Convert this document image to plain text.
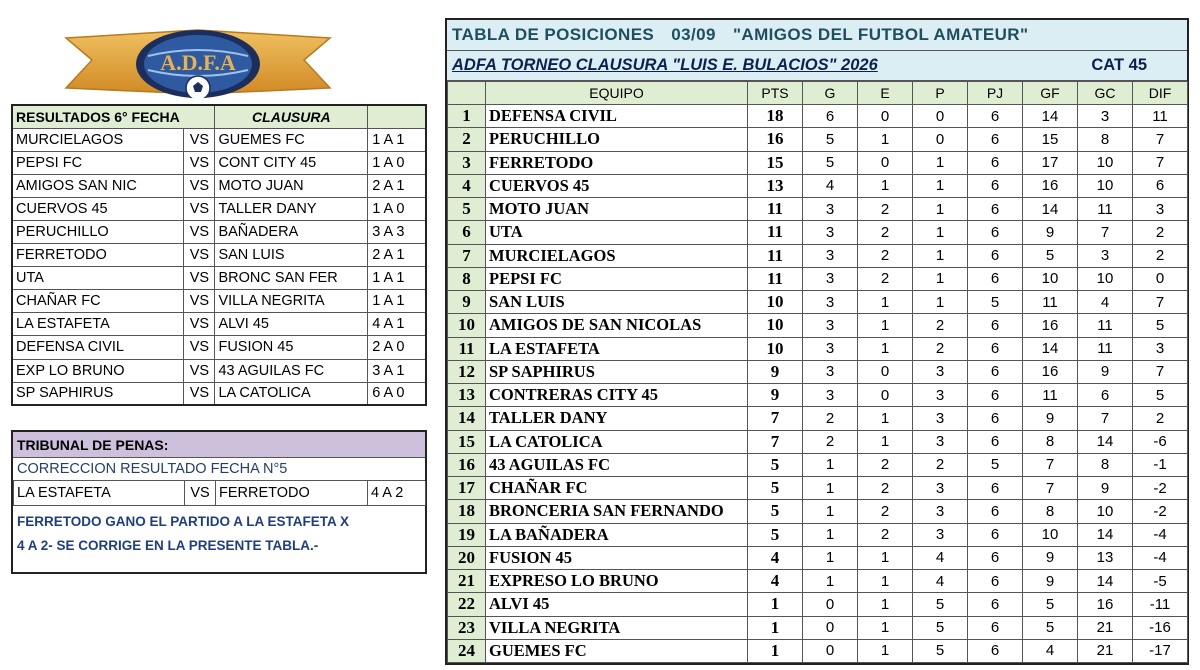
A.D.F.A
RESULTADOS 6° FECHA		CLAUSURA	
MURCIELAGOS	VS	GUEMES FC	1 A 1
PEPSI FC	VS	CONT CITY 45	1 A 0
AMIGOS SAN NIC	VS	MOTO JUAN	2 A 1
CUERVOS 45	VS	TALLER DANY	1 A 0
PERUCHILLO	VS	BAÑADERA	3 A 3
FERRETODO	VS	SAN LUIS	2 A 1
UTA	VS	BRONC SAN FER	1 A 1
CHAÑAR FC	VS	VILLA NEGRITA	1 A 1
LA ESTAFETA	VS	ALVI 45	4 A 1
DEFENSA CIVIL	VS	FUSION 45	2 A 0
EXP LO BRUNO	VS	43 AGUILAS FC	3 A 1
SP SAPHIRUS	VS	LA CATOLICA	6 A 0
TRIBUNAL DE PENAS:
CORRECCION RESULTADO FECHA N°5
LA ESTAFETA	VS	FERRETODO	4 A 2
FERRETODO GANO EL PARTIDO A LA ESTAFETA X
4 A 2- SE CORRIGE EN LA PRESENTE TABLA.-
TABLA DE POSICIONES 03/09 "AMIGOS DEL FUTBOL AMATEUR"
ADFA TORNEO CLAUSURA "LUIS E. BULACIOS" 2026	CAT 45
	EQUIPO	PTS	G	E	P	PJ	GF	GC	DIF
1	DEFENSA CIVIL	18	6	0	0	6	14	3	11
2	PERUCHILLO	16	5	1	0	6	15	8	7
3	FERRETODO	15	5	0	1	6	17	10	7
4	CUERVOS 45	13	4	1	1	6	16	10	6
5	MOTO JUAN	11	3	2	1	6	14	11	3
6	UTA	11	3	2	1	6	9	7	2
7	MURCIELAGOS	11	3	2	1	6	5	3	2
8	PEPSI FC	11	3	2	1	6	10	10	0
9	SAN LUIS	10	3	1	1	5	11	4	7
10	AMIGOS DE SAN NICOLAS	10	3	1	2	6	16	11	5
11	LA ESTAFETA	10	3	1	2	6	14	11	3
12	SP SAPHIRUS	9	3	0	3	6	16	9	7
13	CONTRERAS CITY 45	9	3	0	3	6	11	6	5
14	TALLER DANY	7	2	1	3	6	9	7	2
15	LA CATOLICA	7	2	1	3	6	8	14	-6
16	43 AGUILAS FC	5	1	2	2	5	7	8	-1
17	CHAÑAR FC	5	1	2	3	6	7	9	-2
18	BRONCERIA SAN FERNANDO	5	1	2	3	6	8	10	-2
19	LA BAÑADERA	5	1	2	3	6	10	14	-4
20	FUSION 45	4	1	1	4	6	9	13	-4
21	EXPRESO LO BRUNO	4	1	1	4	6	9	14	-5
22	ALVI 45	1	0	1	5	6	5	16	-11
23	VILLA NEGRITA	1	0	1	5	6	5	21	-16
24	GUEMES FC	1	0	1	5	6	4	21	-17
